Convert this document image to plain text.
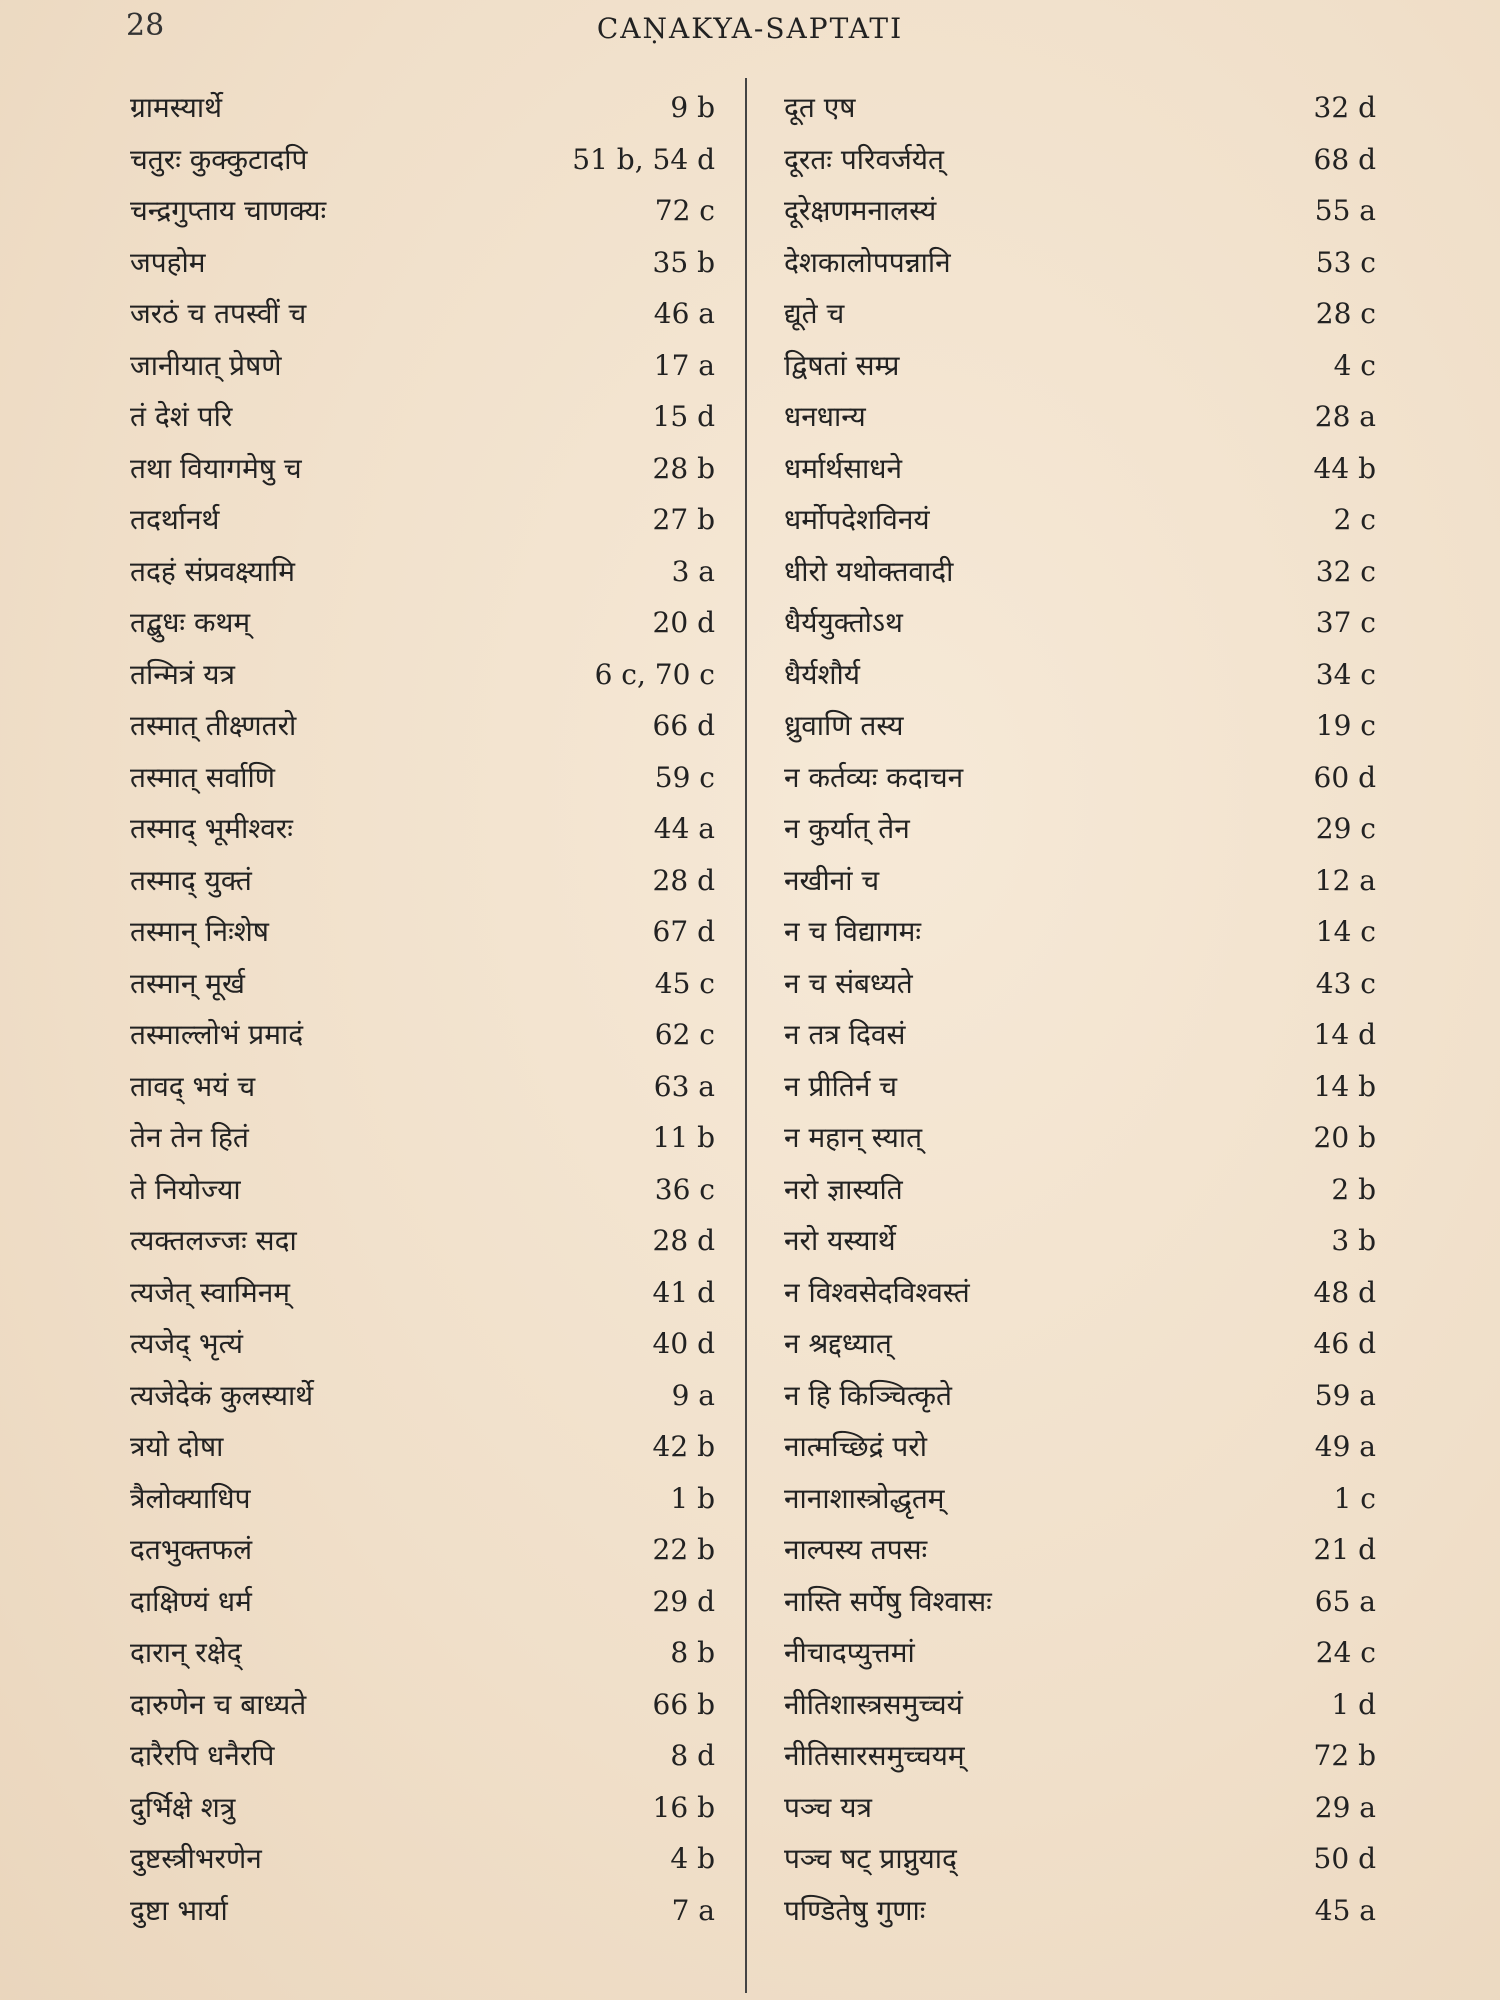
28	CAṆAKYA-SAPTATI
ग्रामस्यार्थे	9 b
चतुरः कुक्कुटादपि	51 b, 54 d
चन्द्रगुप्ताय चाणक्यः	72 c
जपहोम	35 b
जरठं च तपस्वीं च	46 a
जानीयात् प्रेषणे	17 a
तं देशं परि	15 d
तथा वियागमेषु च	28 b
तदर्थानर्थ	27 b
तदहं संप्रवक्ष्यामि	3 a
तद्बुधः कथम्	20 d
तन्मित्रं यत्र	6 c, 70 c
तस्मात् तीक्ष्णतरो	66 d
तस्मात् सर्वाणि	59 c
तस्माद् भूमीश्वरः	44 a
तस्माद् युक्तं	28 d
तस्मान् निःशेष	67 d
तस्मान् मूर्ख	45 c
तस्माल्लोभं प्रमादं	62 c
तावद् भयं च	63 a
तेन तेन हितं	11 b
ते नियोज्या	36 c
त्यक्तलज्जः सदा	28 d
त्यजेत् स्वामिनम्	41 d
त्यजेद् भृत्यं	40 d
त्यजेदेकं कुलस्यार्थे	9 a
त्रयो दोषा	42 b
त्रैलोक्याधिप	1 b
दतभुक्तफलं	22 b
दाक्षिण्यं धर्म	29 d
दारान् रक्षेद्	8 b
दारुणेन च बाध्यते	66 b
दारैरपि धनैरपि	8 d
दुर्भिक्षे शत्रु	16 b
दुष्टस्त्रीभरणेन	4 b
दुष्टा भार्या	7 a
दूत एष	32 d
दूरतः परिवर्जयेत्	68 d
दूरेक्षणमनालस्यं	55 a
देशकालोपपन्नानि	53 c
द्यूते च	28 c
द्विषतां सम्प्र	4 c
धनधान्य	28 a
धर्मार्थसाधने	44 b
धर्मोपदेशविनयं	2 c
धीरो यथोक्तवादी	32 c
धैर्ययुक्तोऽथ	37 c
धैर्यशौर्य	34 c
ध्रुवाणि तस्य	19 c
न कर्तव्यः कदाचन	60 d
न कुर्यात् तेन	29 c
नखीनां च	12 a
न च विद्यागमः	14 c
न च संबध्यते	43 c
न तत्र दिवसं	14 d
न प्रीतिर्न च	14 b
न महान् स्यात्	20 b
नरो ज्ञास्यति	2 b
नरो यस्यार्थे	3 b
न विश्वसेदविश्वस्तं	48 d
न श्रद्दध्यात्	46 d
न हि किञ्चित्कृते	59 a
नात्मच्छिद्रं परो	49 a
नानाशास्त्रोद्धृतम्	1 c
नाल्पस्य तपसः	21 d
नास्ति सर्पेषु विश्वासः	65 a
नीचादप्युत्तमां	24 c
नीतिशास्त्रसमुच्चयं	1 d
नीतिसारसमुच्चयम्	72 b
पञ्च यत्र	29 a
पञ्च षट् प्राप्नुयाद्	50 d
पण्डितेषु गुणाः	45 a
